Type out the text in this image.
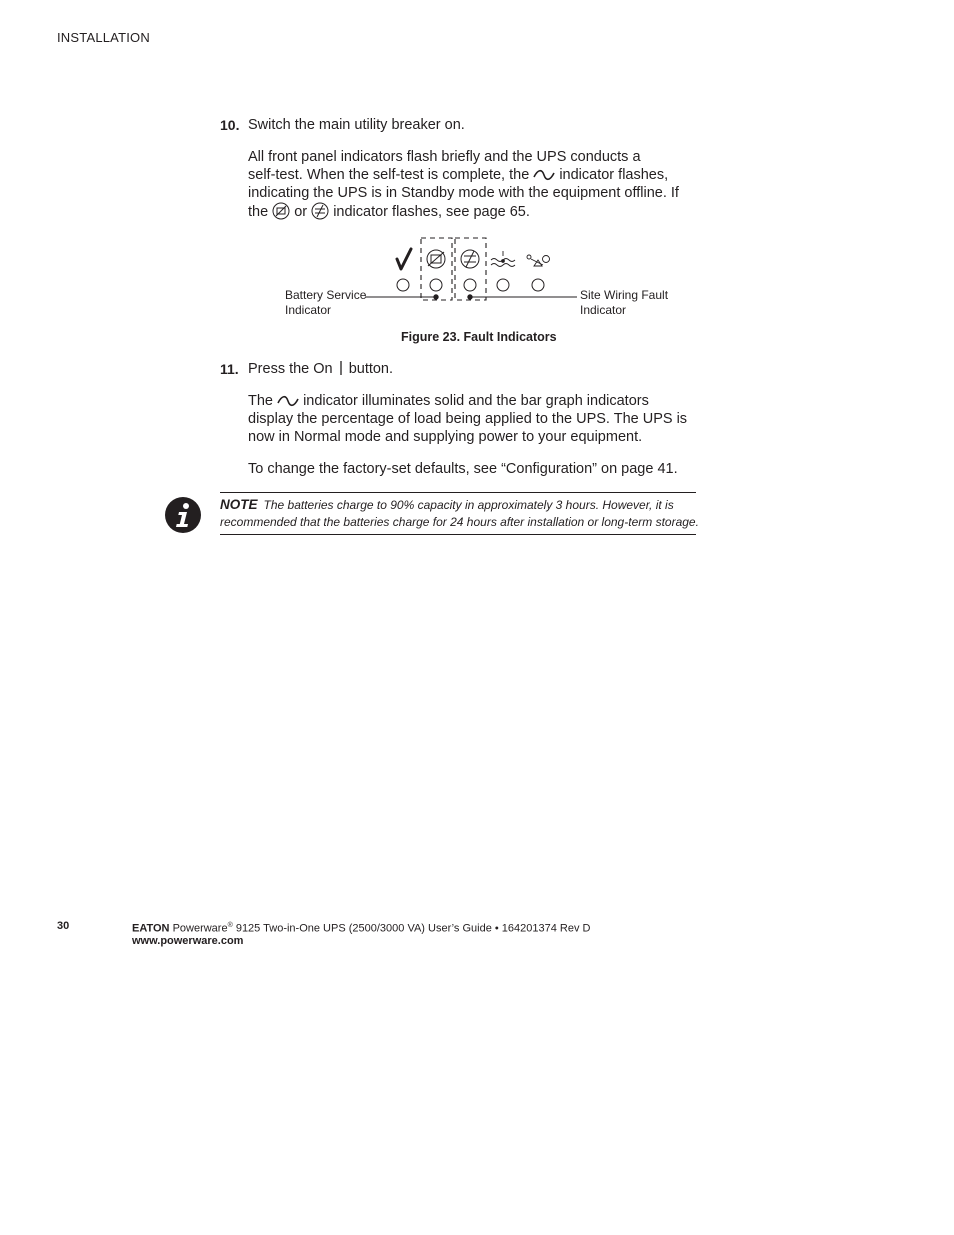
INSTALLATION
10. Switch the main utility breaker on.
All front panel indicators flash briefly and the UPS conducts a
self-test. When the self-test is complete, the indicator flashes,
indicating the UPS is in Standby mode with the equipment offline. If
the or indicator flashes, see page 65.
Battery Service
Indicator
Site Wiring Fault
Indicator
Figure 23. Fault Indicators
11. Press the On button.
The indicator illuminates solid and the bar graph indicators
display the percentage of load being applied to the UPS. The UPS is
now in Normal mode and supplying power to your equipment.
To change the factory-set defaults, see “Configuration” on page 41.
NOTE The batteries charge to 90% capacity in approximately 3 hours. However, it is
recommended that the batteries charge for 24 hours after installation or long-term storage.
30	EATON Powerware® 9125 Two-in-One UPS (2500/3000 VA) User’s Guide • 164201374 Rev D
www.powerware.com
